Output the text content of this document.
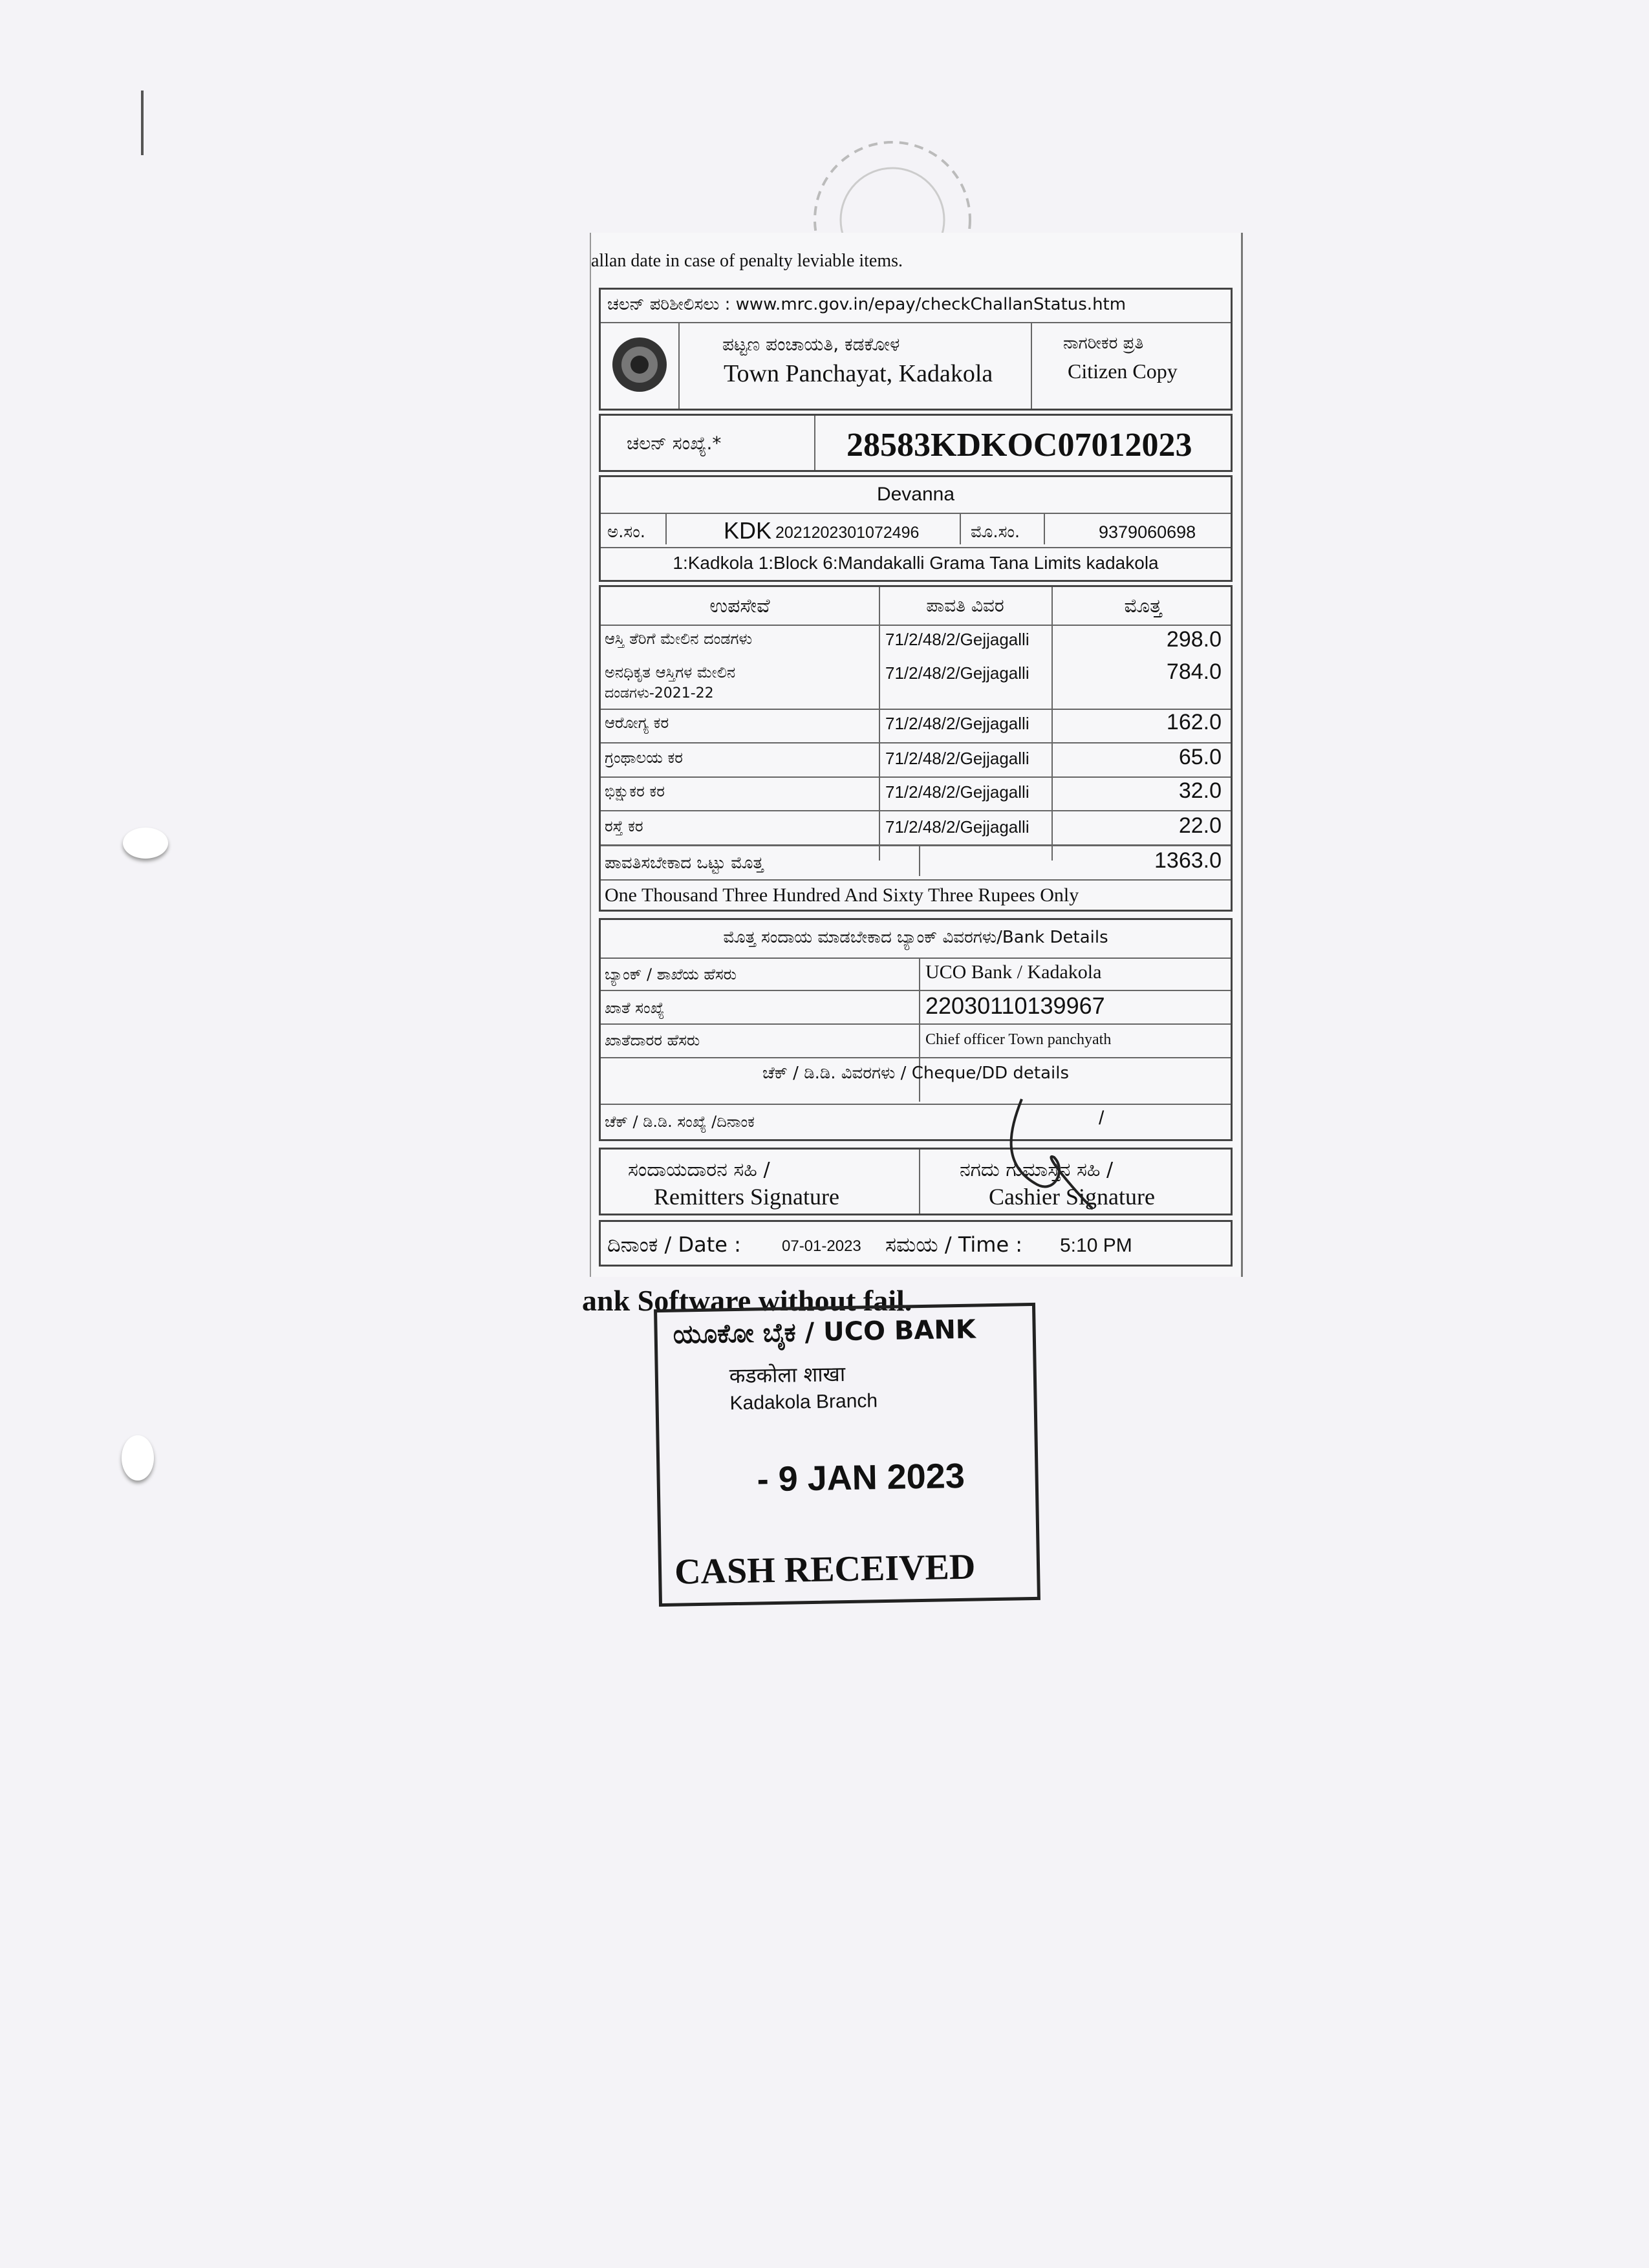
allan date in case of penalty leviable items.
ಚಲನ್ ಪರಿಶೀಲಿಸಲು : www.mrc.gov.in/epay/checkChallanStatus.htm
ಪಟ್ಟಣ ಪಂಚಾಯತಿ, ಕಡಕೋಳ
Town Panchayat, Kadakola
ನಾಗರೀಕರ ಪ್ರತಿ
Citizen Copy
ಚಲನ್ ಸಂಖ್ಯೆ.*	28583KDKOC07012023
Devanna
ಅ.ಸಂ.	KDK 2021202301072496	ಮೊ.ಸಂ.	9379060698
1:Kadkola 1:Block 6:Mandakalli Grama Tana Limits kadakola
ಉಪಸೇವೆ	ಪಾವತಿ ವಿವರ	ಮೊತ್ತ
ಆಸ್ತಿ ತೆರಿಗೆ ಮೇಲಿನ ದಂಡಗಳು	71/2/48/2/Gejjagalli	298.0
ಅನಧಿಕೃತ ಆಸ್ತಿಗಳ ಮೇಲಿನ
ದಂಡಗಳು-2021-22
71/2/48/2/Gejjagalli	784.0
ಆರೋಗ್ಯ ಕರ	71/2/48/2/Gejjagalli	162.0
ಗ್ರಂಥಾಲಯ ಕರ	71/2/48/2/Gejjagalli	65.0
ಭಿಕ್ಷುಕರ ಕರ	71/2/48/2/Gejjagalli	32.0
ರಸ್ತೆ ಕರ	71/2/48/2/Gejjagalli	22.0
ಪಾವತಿಸಬೇಕಾದ ಒಟ್ಟು ಮೊತ್ತ	1363.0
One Thousand Three Hundred And Sixty Three Rupees Only
ಮೊತ್ತ ಸಂದಾಯ ಮಾಡಬೇಕಾದ ಬ್ಯಾಂಕ್ ವಿವರಗಳು/Bank Details
ಬ್ಯಾಂಕ್ / ಶಾಖೆಯ ಹೆಸರು	UCO Bank / Kadakola
ಖಾತೆ ಸಂಖ್ಯೆ	22030110139967
ಖಾತೆದಾರರ ಹೆಸರು	Chief officer Town panchyath
ಚೆಕ್ / ಡಿ.ಡಿ. ವಿವರಗಳು / Cheque/DD details
ಚೆಕ್ / ಡಿ.ಡಿ. ಸಂಖ್ಯೆ /ದಿನಾಂಕ	/
ಸಂದಾಯದಾರನ ಸಹಿ /
Remitters Signature
ನಗದು ಗುಮಾಸ್ತನ ಸಹಿ /
Cashier Signature
ದಿನಾಂಕ / Date :	07-01-2023 ಸಮಯ / Time : 5:10 PM
ank Software without fail.
ಯೂಕೋ ಬೈಕ / UCO BANK
कडकोला शाखा
Kadakola Branch
- 9 JAN 2023
CASH RECEIVED
